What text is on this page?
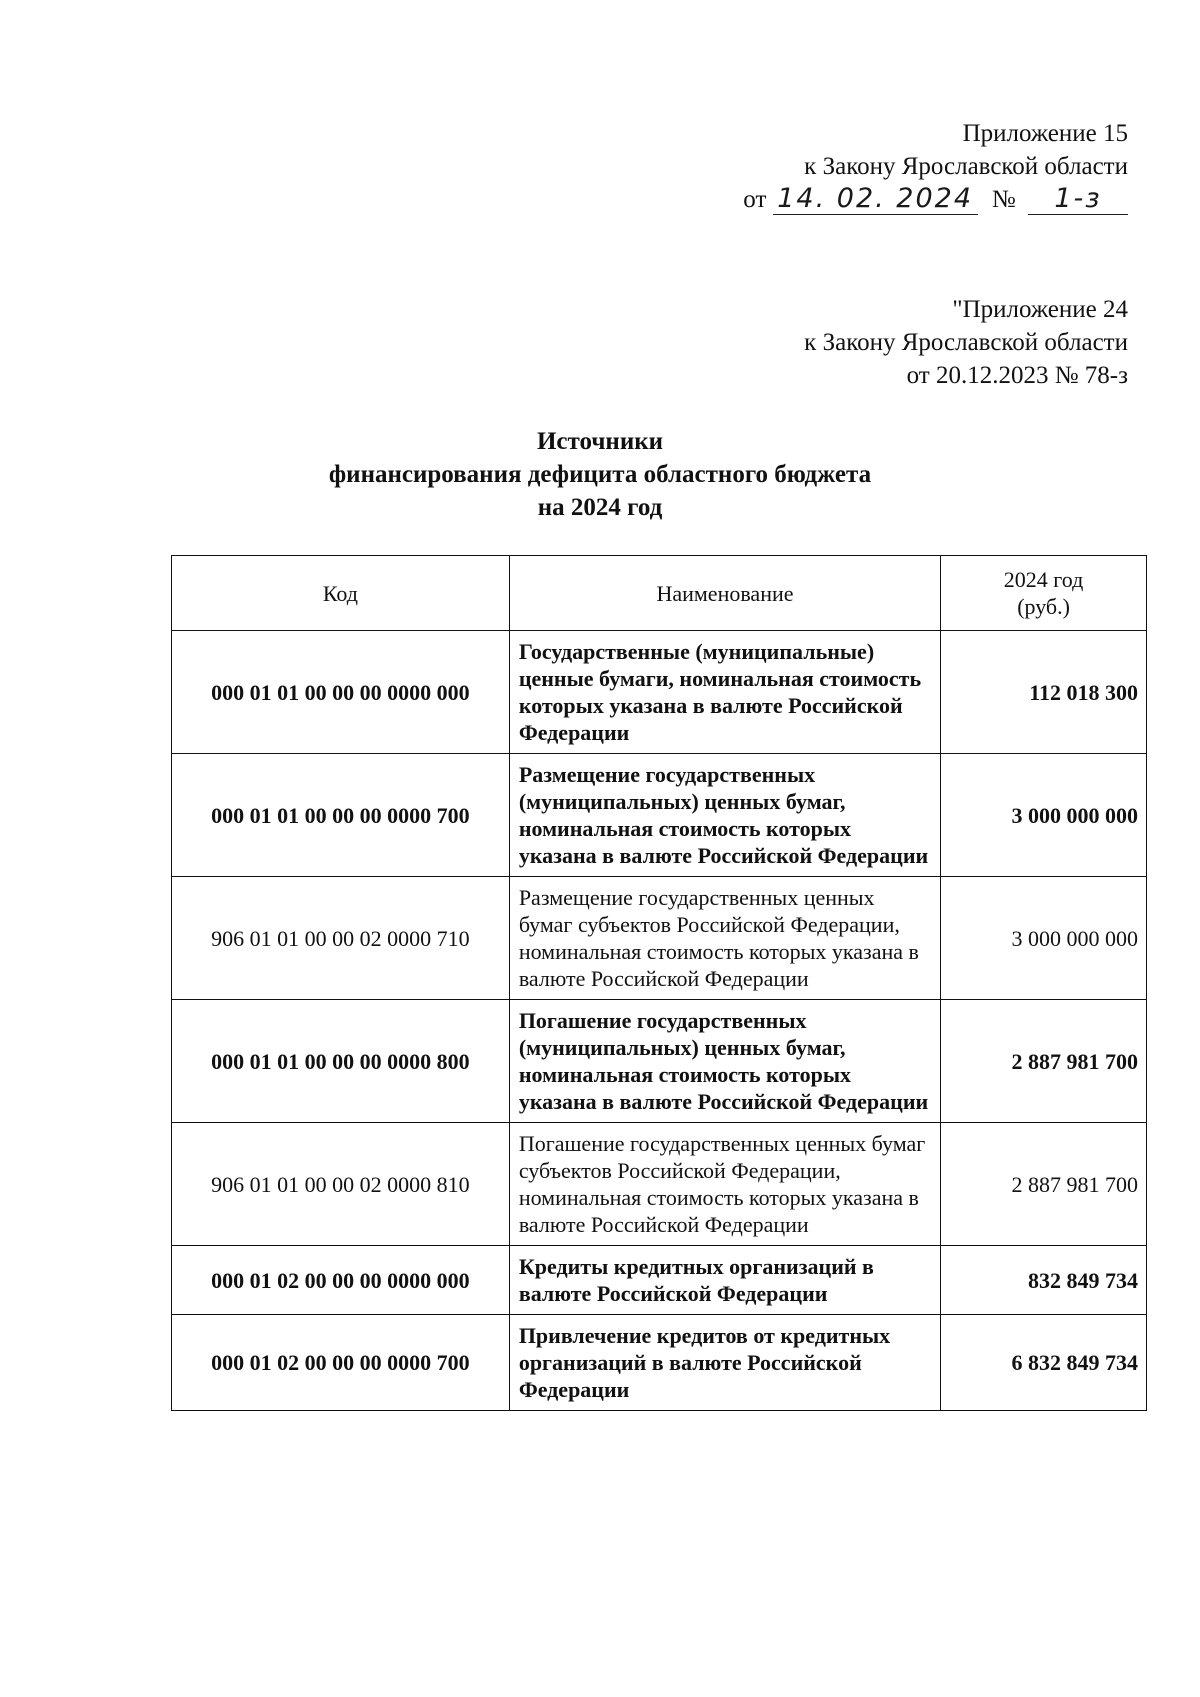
Приложение 15
к Закону Ярославской области
от 14. 02. 2024 № 1-з
"Приложение 24
к Закону Ярославской области
от 20.12.2023 № 78-з
Источники
финансирования дефицита областного бюджета
на 2024 год
Код	Наименование	2024 год
(руб.)
000 01 01 00 00 00 0000 000	Государственные (муниципальные) ценные бумаги, номинальная стоимость которых указана в валюте Российской Федерации	112 018 300
000 01 01 00 00 00 0000 700	Размещение государственных (муниципальных) ценных бумаг, номинальная стоимость которых указана в валюте Российской Федерации	3 000 000 000
906 01 01 00 00 02 0000 710	Размещение государственных ценных бумаг субъектов Российской Федерации, номинальная стоимость которых указана в валюте Российской Федерации	3 000 000 000
000 01 01 00 00 00 0000 800	Погашение государственных (муниципальных) ценных бумаг, номинальная стоимость которых указана в валюте Российской Федерации	2 887 981 700
906 01 01 00 00 02 0000 810	Погашение государственных ценных бумаг субъектов Российской Федерации, номинальная стоимость которых указана в валюте Российской Федерации	2 887 981 700
000 01 02 00 00 00 0000 000	Кредиты кредитных организаций в валюте Российской Федерации	832 849 734
000 01 02 00 00 00 0000 700	Привлечение кредитов от кредитных организаций в валюте Российской Федерации	6 832 849 734
